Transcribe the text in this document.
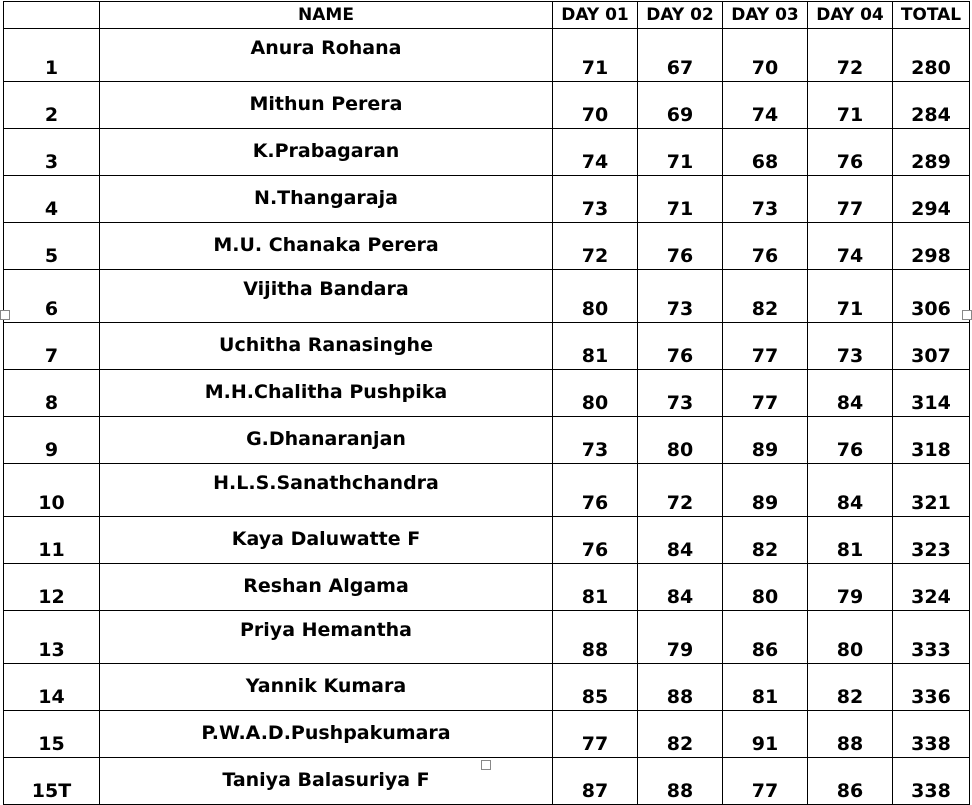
	NAME	DAY 01	DAY 02	DAY 03	DAY 04	TOTAL
1	Anura Rohana	71	67	70	72	280
2	Mithun Perera	70	69	74	71	284
3	K.Prabagaran	74	71	68	76	289
4	N.Thangaraja	73	71	73	77	294
5	M.U. Chanaka Perera	72	76	76	74	298
6	Vijitha Bandara	80	73	82	71	306
7	Uchitha Ranasinghe	81	76	77	73	307
8	M.H.Chalitha Pushpika	80	73	77	84	314
9	G.Dhanaranjan	73	80	89	76	318
10	H.L.S.Sanathchandra	76	72	89	84	321
11	Kaya Daluwatte F	76	84	82	81	323
12	Reshan Algama	81	84	80	79	324
13	Priya Hemantha	88	79	86	80	333
14	Yannik Kumara	85	88	81	82	336
15	P.W.A.D.Pushpakumara	77	82	91	88	338
15T	Taniya Balasuriya F	87	88	77	86	338
